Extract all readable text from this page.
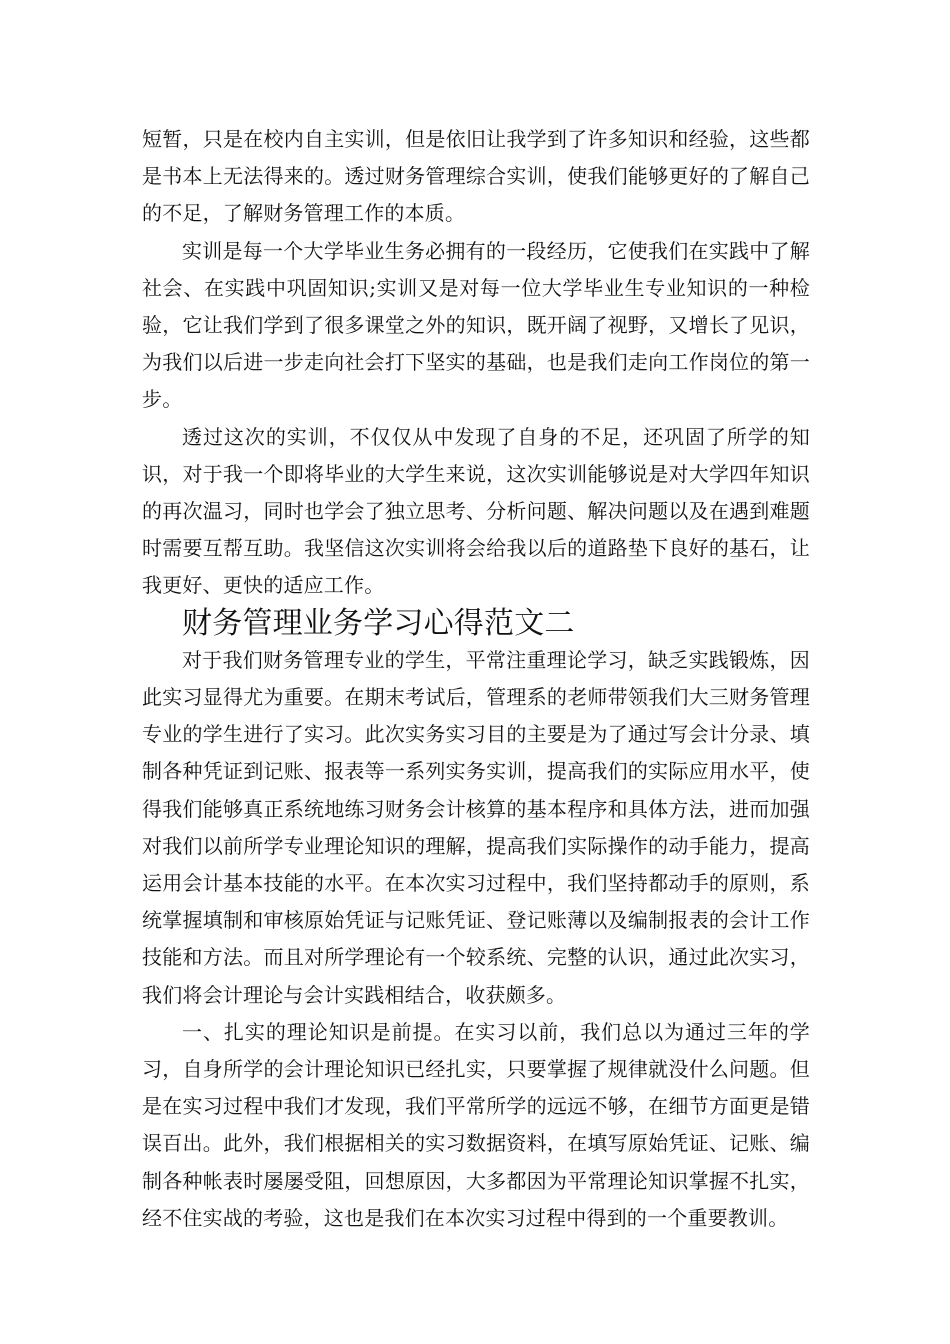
短暂，只是在校内自主实训，但是依旧让我学到了许多知识和经验，这些都是书本上无法得来的。透过财务管理综合实训，使我们能够更好的了解自己的不足，了解财务管理工作的本质。

实训是每一个大学毕业生务必拥有的一段经历，它使我们在实践中了解社会、在实践中巩固知识;实训又是对每一位大学毕业生专业知识的一种检验，它让我们学到了很多课堂之外的知识，既开阔了视野，又增长了见识，为我们以后进一步走向社会打下坚实的基础，也是我们走向工作岗位的第一步。

透过这次的实训，不仅仅从中发现了自身的不足，还巩固了所学的知识，对于我一个即将毕业的大学生来说，这次实训能够说是对大学四年知识的再次温习，同时也学会了独立思考、分析问题、解决问题以及在遇到难题时需要互帮互助。我坚信这次实训将会给我以后的道路垫下良好的基石，让我更好、更快的适应工作。

财务管理业务学习心得范文二

对于我们财务管理专业的学生，平常注重理论学习，缺乏实践锻炼，因此实习显得尤为重要。在期末考试后，管理系的老师带领我们大三财务管理专业的学生进行了实习。此次实务实习目的主要是为了通过写会计分录、填制各种凭证到记账、报表等一系列实务实训，提高我们的实际应用水平，使得我们能够真正系统地练习财务会计核算的基本程序和具体方法，进而加强对我们以前所学专业理论知识的理解，提高我们实际操作的动手能力，提高运用会计基本技能的水平。在本次实习过程中，我们坚持都动手的原则，系统掌握填制和审核原始凭证与记账凭证、登记账薄以及编制报表的会计工作技能和方法。而且对所学理论有一个较系统、完整的认识，通过此次实习，我们将会计理论与会计实践相结合，收获颇多。

一、扎实的理论知识是前提。在实习以前，我们总以为通过三年的学习，自身所学的会计理论知识已经扎实，只要掌握了规律就没什么问题。但是在实习过程中我们才发现，我们平常所学的远远不够，在细节方面更是错误百出。此外，我们根据相关的实习数据资料，在填写原始凭证、记账、编制各种帐表时屡屡受阻，回想原因，大多都因为平常理论知识掌握不扎实，经不住实战的考验，这也是我们在本次实习过程中得到的一个重要教训。
